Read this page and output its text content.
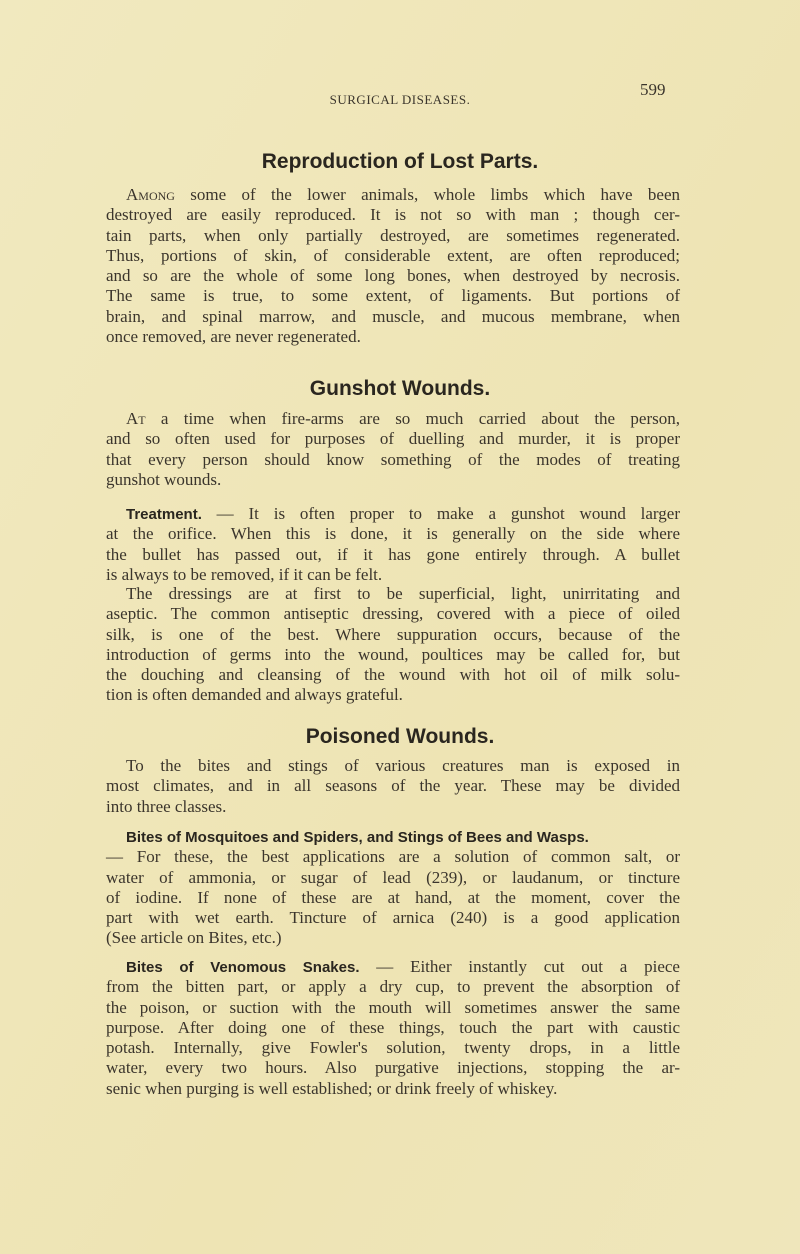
SURGICAL DISEASES.
599
Reproduction of Lost Parts.
Among some of the lower animals, whole limbs which have been
destroyed are easily reproduced. It is not so with man ; though cer-
tain parts, when only partially destroyed, are sometimes regenerated.
Thus, portions of skin, of considerable extent, are often reproduced;
and so are the whole of some long bones, when destroyed by necrosis.
The same is true, to some extent, of ligaments. But portions of
brain, and spinal marrow, and muscle, and mucous membrane, when
once removed, are never regenerated.
Gunshot Wounds.
At a time when fire-arms are so much carried about the person,
and so often used for purposes of duelling and murder, it is proper
that every person should know something of the modes of treating
gunshot wounds.
Treatment. — It is often proper to make a gunshot wound larger
at the orifice. When this is done, it is generally on the side where
the bullet has passed out, if it has gone entirely through. A bullet
is always to be removed, if it can be felt.
The dressings are at first to be superficial, light, unirritating and
aseptic. The common antiseptic dressing, covered with a piece of oiled
silk, is one of the best. Where suppuration occurs, because of the
introduction of germs into the wound, poultices may be called for, but
the douching and cleansing of the wound with hot oil of milk solu-
tion is often demanded and always grateful.
Poisoned Wounds.
To the bites and stings of various creatures man is exposed in
most climates, and in all seasons of the year. These may be divided
into three classes.
Bites of Mosquitoes and Spiders, and Stings of Bees and Wasps.
— For these, the best applications are a solution of common salt, or
water of ammonia, or sugar of lead (239), or laudanum, or tincture
of iodine. If none of these are at hand, at the moment, cover the
part with wet earth. Tincture of arnica (240) is a good application
(See article on Bites, etc.)
Bites of Venomous Snakes. — Either instantly cut out a piece
from the bitten part, or apply a dry cup, to prevent the absorption of
the poison, or suction with the mouth will sometimes answer the same
purpose. After doing one of these things, touch the part with caustic
potash. Internally, give Fowler's solution, twenty drops, in a little
water, every two hours. Also purgative injections, stopping the ar-
senic when purging is well established; or drink freely of whiskey.
